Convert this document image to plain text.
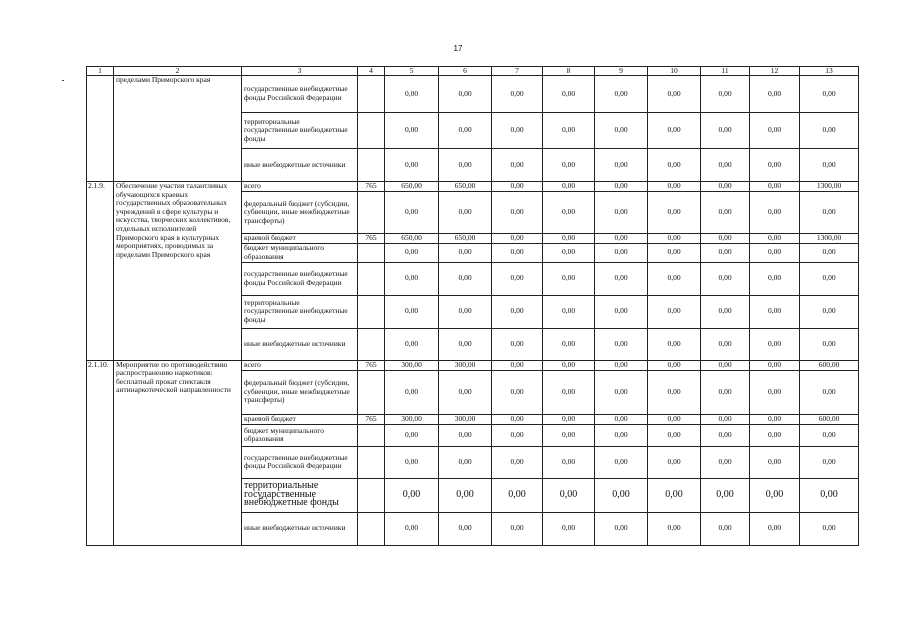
17
1	2	3	4	5	6	7	8	9	10	11	12	13
	пределами Приморского края	государственные внебюджетные фонды Российской Федерации		0,00	0,00	0,00	0,00	0,00	0,00	0,00	0,00	0,00
		территориальные государственные внебюджетные фонды		0,00	0,00	0,00	0,00	0,00	0,00	0,00	0,00	0,00
		иные внебюджетные источники		0,00	0,00	0,00	0,00	0,00	0,00	0,00	0,00	0,00
2.1.9.	Обеспечение участия талантливых обучающихся краевых государственных образовательных учреждений в сфере культуры и искусства, творческих коллективов, отдельных исполнителей Приморского края в культурных мероприятиях, проводимых за пределами Приморского края	всего	765	650,00	650,00	0,00	0,00	0,00	0,00	0,00	0,00	1300,00
		федеральный бюджет (субсидии, субвенции, иные межбюджетные трансферты)		0,00	0,00	0,00	0,00	0,00	0,00	0,00	0,00	0,00
		краевой бюджет	765	650,00	650,00	0,00	0,00	0,00	0,00	0,00	0,00	1300,00
		бюджет муниципального образования		0,00	0,00	0,00	0,00	0,00	0,00	0,00	0,00	0,00
		государственные внебюджетные фонды Российской Федерации		0,00	0,00	0,00	0,00	0,00	0,00	0,00	0,00	0,00
		территориальные государственные внебюджетные фонды		0,00	0,00	0,00	0,00	0,00	0,00	0,00	0,00	0,00
		иные внебюджетные источники		0,00	0,00	0,00	0,00	0,00	0,00	0,00	0,00	0,00
2.1.10.	Мероприятие по противодействию распространению наркотиков: бесплатный прокат спектакля антинаркотической направленности	всего	765	300,00	300,00	0,00	0,00	0,00	0,00	0,00	0,00	600,00
		федеральный бюджет (субсидии, субвенции, иные межбюджетные трансферты)		0,00	0,00	0,00	0,00	0,00	0,00	0,00	0,00	0,00
		краевой бюджет	765	300,00	300,00	0,00	0,00	0,00	0,00	0,00	0,00	600,00
		бюджет муниципального образования		0,00	0,00	0,00	0,00	0,00	0,00	0,00	0,00	0,00
		государственные внебюджетные фонды Российской Федерации		0,00	0,00	0,00	0,00	0,00	0,00	0,00	0,00	0,00
		территориальные государственные внебюджетные фонды		0,00	0,00	0,00	0,00	0,00	0,00	0,00	0,00	0,00
		иные внебюджетные источники		0,00	0,00	0,00	0,00	0,00	0,00	0,00	0,00	0,00
